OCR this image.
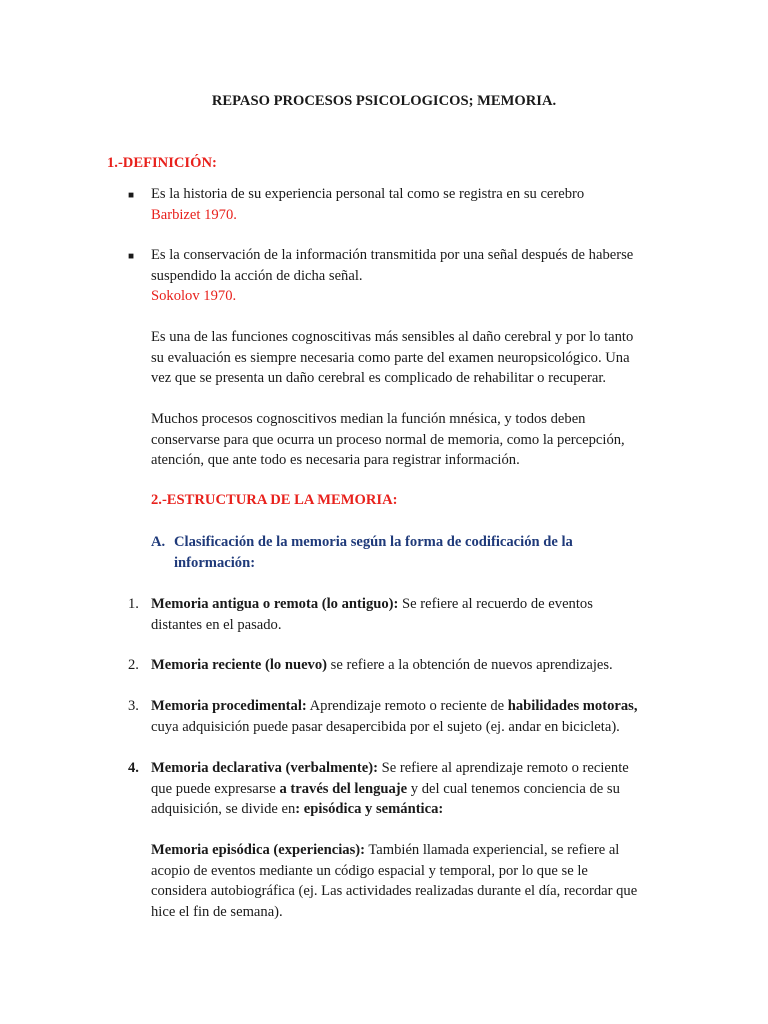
REPASO PROCESOS PSICOLOGICOS; MEMORIA.
1.-DEFINICIÓN:
■ Es la historia de su experiencia personal tal como se registra en su cerebro
Barbizet 1970.
■ Es la conservación de la información transmitida por una señal después de haberse
suspendido la acción de dicha señal.
Sokolov 1970.
Es una de las funciones cognoscitivas más sensibles al daño cerebral y por lo tanto
su evaluación es siempre necesaria como parte del examen neuropsicológico. Una
vez que se presenta un daño cerebral es complicado de rehabilitar o recuperar.
Muchos procesos cognoscitivos median la función mnésica, y todos deben
conservarse para que ocurra un proceso normal de memoria, como la percepción,
atención, que ante todo es necesaria para registrar información.
2.-ESTRUCTURA DE LA MEMORIA:
A. Clasificación de la memoria según la forma de codificación de la
información:
1. Memoria antigua o remota (lo antiguo): Se refiere al recuerdo de eventos
distantes en el pasado.
2. Memoria reciente (lo nuevo) se refiere a la obtención de nuevos aprendizajes.
3. Memoria procedimental: Aprendizaje remoto o reciente de habilidades motoras,
cuya adquisición puede pasar desapercibida por el sujeto (ej. andar en bicicleta).
4. Memoria declarativa (verbalmente): Se refiere al aprendizaje remoto o reciente
que puede expresarse a través del lenguaje y del cual tenemos conciencia de su
adquisición, se divide en: episódica y semántica:
Memoria episódica (experiencias): También llamada experiencial, se refiere al
acopio de eventos mediante un código espacial y temporal, por lo que se le
considera autobiográfica (ej. Las actividades realizadas durante el día, recordar que
hice el fin de semana).
